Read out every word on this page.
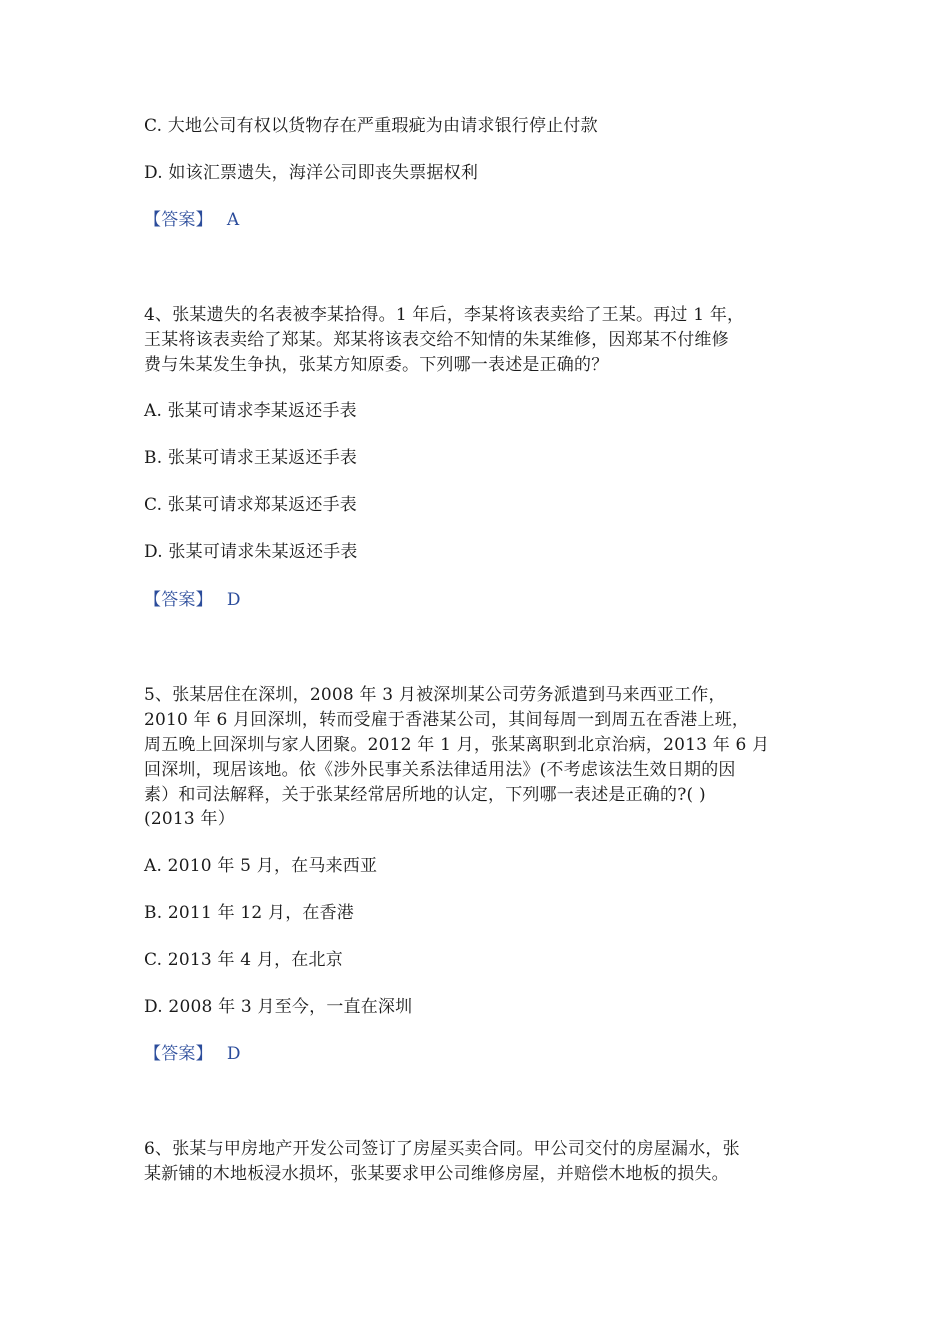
C. 大地公司有权以货物存在严重瑕疵为由请求银行停止付款
D. 如该汇票遗失，海洋公司即丧失票据权利
【答案】 A
4、张某遗失的名表被李某拾得。1 年后，李某将该表卖给了王某。再过 1 年，
王某将该表卖给了郑某。郑某将该表交给不知情的朱某维修，因郑某不付维修
费与朱某发生争执，张某方知原委。下列哪一表述是正确的？
A. 张某可请求李某返还手表
B. 张某可请求王某返还手表
C. 张某可请求郑某返还手表
D. 张某可请求朱某返还手表
【答案】 D
5、张某居住在深圳，2008 年 3 月被深圳某公司劳务派遣到马来西亚工作，
2010 年 6 月回深圳，转而受雇于香港某公司，其间每周一到周五在香港上班，
周五晚上回深圳与家人团聚。2012 年 1 月，张某离职到北京治病，2013 年 6 月
回深圳，现居该地。依《涉外民事关系法律适用法》(不考虑该法生效日期的因
素）和司法解释，关于张某经常居所地的认定，下列哪一表述是正确的?( )
(2013 年）
A. 2010 年 5 月，在马来西亚
B. 2011 年 12 月，在香港
C. 2013 年 4 月，在北京
D. 2008 年 3 月至今，一直在深圳
【答案】 D
6、张某与甲房地产开发公司签订了房屋买卖合同。甲公司交付的房屋漏水，张
某新铺的木地板浸水损坏，张某要求甲公司维修房屋，并赔偿木地板的损失。
